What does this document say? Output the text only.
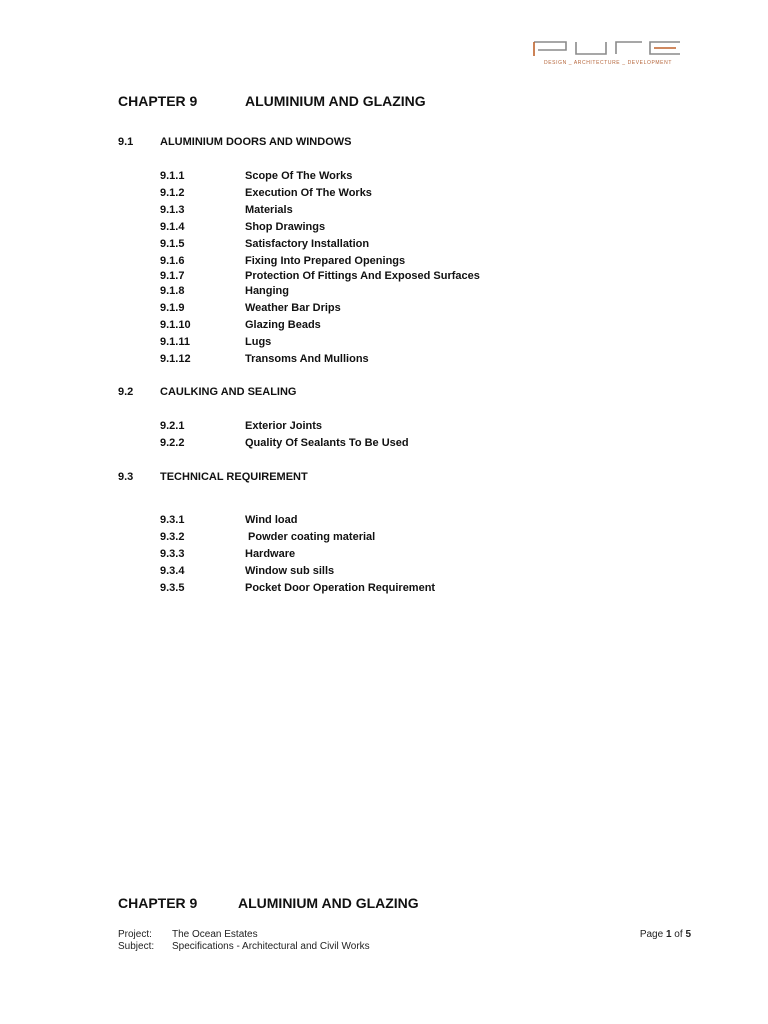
DESIGN _ ARCHITECTURE _ DEVELOPMENT
CHAPTER 9	ALUMINIUM AND GLAZING
9.1 ALUMINIUM DOORS AND WINDOWS
9.1.1	Scope Of The Works
9.1.2	Execution Of The Works
9.1.3	Materials
9.1.4	Shop Drawings
9.1.5	Satisfactory Installation
9.1.6	Fixing Into Prepared Openings
9.1.7	Protection Of Fittings And Exposed Surfaces
9.1.8	Hanging
9.1.9	Weather Bar Drips
9.1.10	Glazing Beads
9.1.11	Lugs
9.1.12	Transoms And Mullions
9.2 CAULKING AND SEALING
9.2.1	Exterior Joints
9.2.2	Quality Of Sealants To Be Used
9.3 TECHNICAL REQUIREMENT
9.3.1	Wind load
9.3.2	Powder coating material
9.3.3	Hardware
9.3.4	Window sub sills
9.3.5	Pocket Door Operation Requirement
CHAPTER 9	ALUMINIUM AND GLAZING
Project: The Ocean Estates
Subject: Specifications - Architectural and Civil Works
Page 1 of 5
